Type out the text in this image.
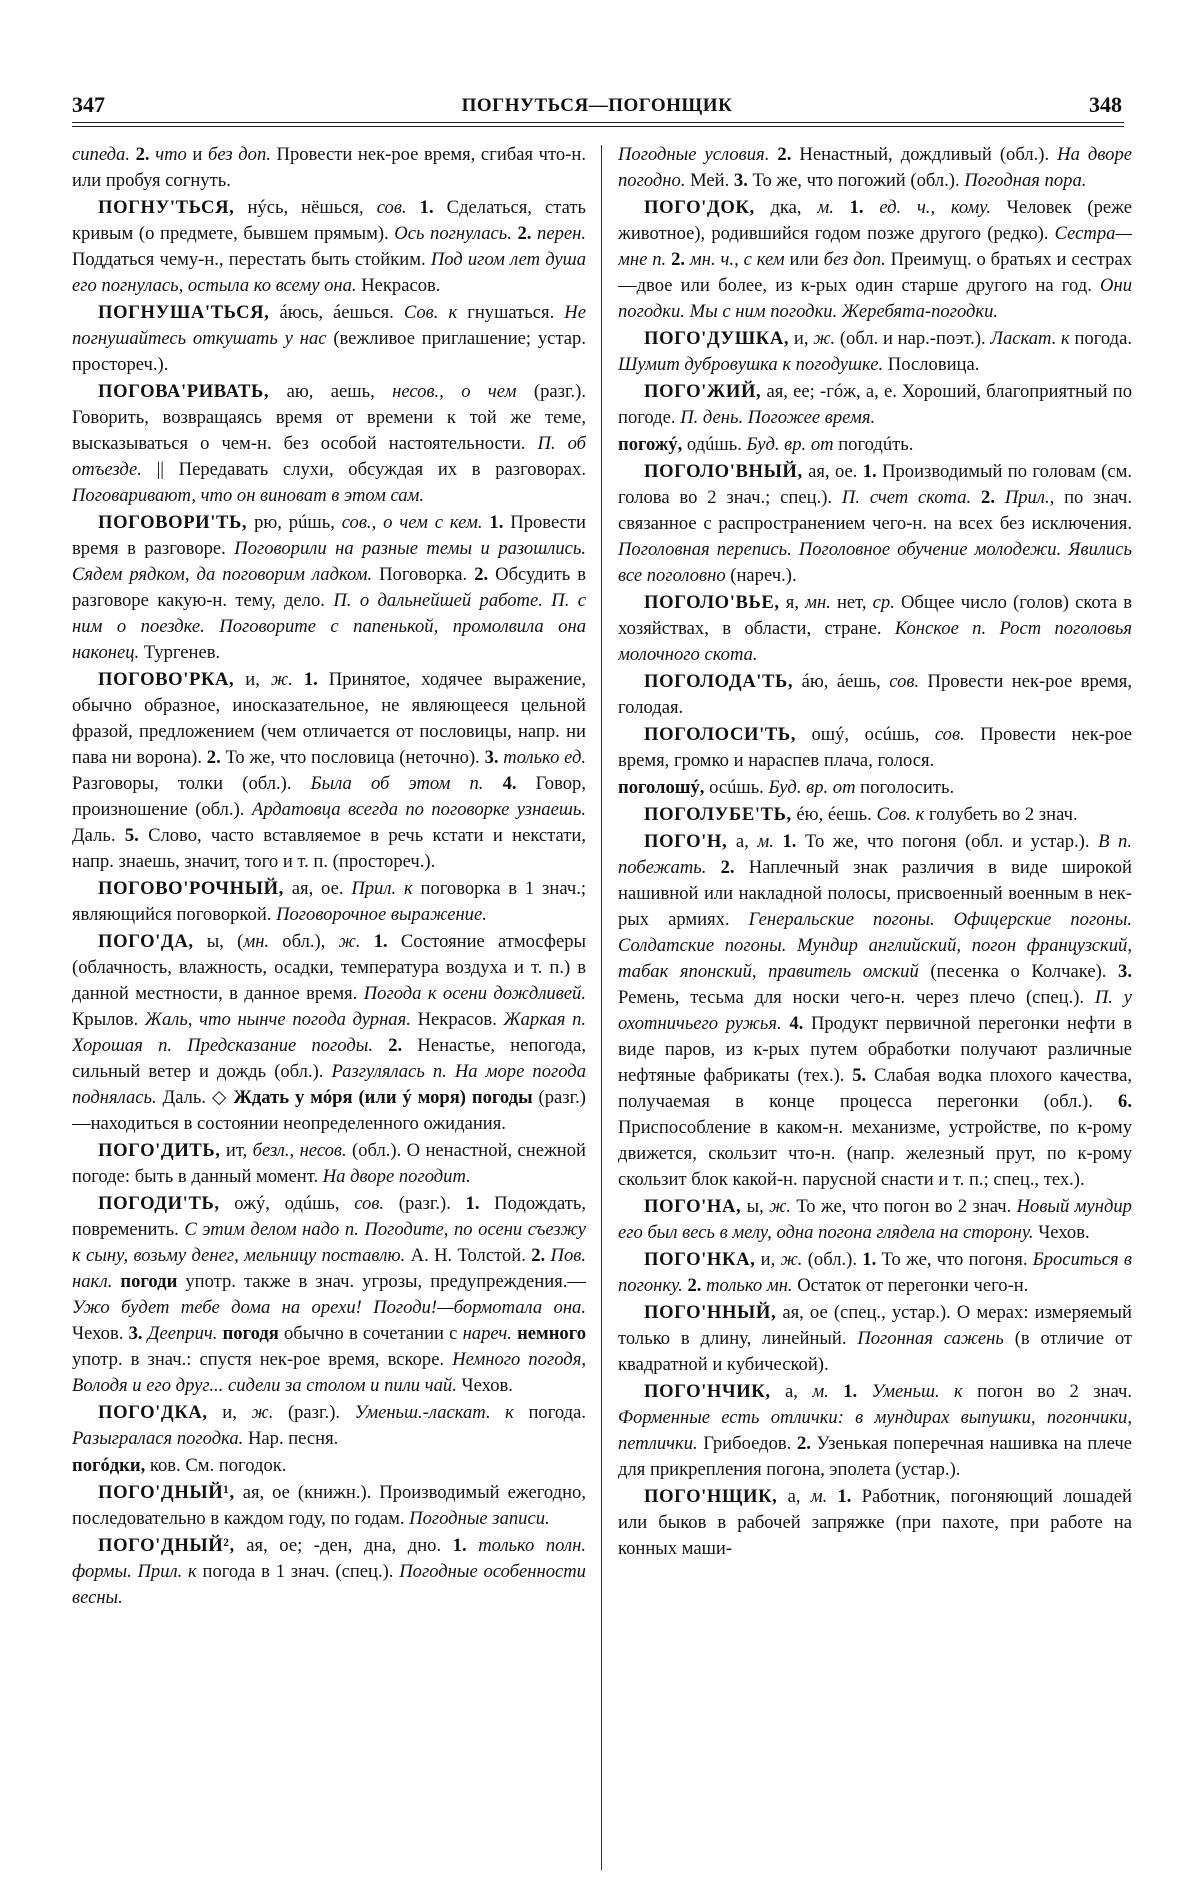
347	ПОГНУТЬСЯ—ПОГОНЩИК	348

сипеда. 2. что и без доп. Провести нек-рое время, сгибая что-н. или пробуя согнуть.

ПОГНУ'ТЬСЯ, нýсь, нёшься, сов. 1. Сделаться, стать кривым (о предмете, бывшем прямым). Ось погнулась. 2. перен. Поддаться чему-н., перестать быть стойким. Под игом лет душа его погнулась, остыла ко всему она. Некрасов.

ПОГНУША'ТЬСЯ, áюсь, áешься. Сов. к гнушаться. Не погнушайтесь откушать у нас (вежливое приглашение; устар. простореч.).

ПОГОВА'РИВАТЬ, аю, аешь, несов., о чем (разг.). Говорить, возвращаясь время от времени к той же теме, высказываться о чем-н. без особой настоятельности. П. об отъезде. || Передавать слухи, обсуждая их в разговорах. Поговаривают, что он виноват в этом сам.

ПОГОВОРИ'ТЬ, рю, рúшь, сов., о чем с кем. 1. Провести время в разговоре. Поговорили на разные темы и разошлись. Сядем рядком, да поговорим ладком. Поговорка. 2. Обсудить в разговоре какую-н. тему, дело. П. о дальнейшей работе. П. с ним о поездке. Поговорите с папенькой, промолвила она наконец. Тургенев.

ПОГОВО'РКА, и, ж. 1. Принятое, ходячее выражение, обычно образное, иносказательное, не являющееся цельной фразой, предложением (чем отличается от пословицы, напр. ни пава ни ворона). 2. То же, что пословица (неточно). 3. только ед. Разговоры, толки (обл.). Была об этом п. 4. Говор, произношение (обл.). Ардатовца всегда по поговорке узнаешь. Даль. 5. Слово, часто вставляемое в речь кстати и некстати, напр. знаешь, значит, того и т. п. (простореч.).

ПОГОВО'РОЧНЫЙ, ая, ое. Прил. к поговорка в 1 знач.; являющийся поговоркой. Поговорочное выражение.

ПОГО'ДА, ы, (мн. обл.), ж. 1. Состояние атмосферы (облачность, влажность, осадки, температура воздуха и т. п.) в данной местности, в данное время. Погода к осени дождливей. Крылов. Жаль, что нынче погода дурная. Некрасов. Жаркая п. Хорошая п. Предсказание погоды. 2. Ненастье, непогода, сильный ветер и дождь (обл.). Разгулялась п. На море погода поднялась. Даль. ◇ Ждать у мóря (или ý моря) погоды (разг.)—находиться в состоянии неопределенного ожидания.

ПОГО'ДИТЬ, ит, безл., несов. (обл.). О ненастной, снежной погоде: быть в данный момент. На дворе погодит.

ПОГОДИ'ТЬ, ожý, одúшь, сов. (разг.). 1. Подождать, повременить. С этим делом надо п. Погодите, по осени съезжу к сыну, возьму денег, мельницу поставлю. А. Н. Толстой. 2. Пов. накл. погоди употр. также в знач. угрозы, предупреждения.—Ужо будет тебе дома на орехи! Погоди!—бормотала она. Чехов. 3. Дееприч. погодя обычно в сочетании с нареч. немного употр. в знач.: спустя нек-рое время, вскоре. Немного погодя, Володя и его друг... сидели за столом и пили чай. Чехов.

ПОГО'ДКА, и, ж. (разг.). Уменьш.-ласкат. к погода. Разыгралася погодка. Нар. песня.

погóдки, ков. См. погодок.

ПОГО'ДНЫЙ¹, ая, ое (книжн.). Производимый ежегодно, последовательно в каждом году, по годам. Погодные записи.

ПОГО'ДНЫЙ², ая, ое; -ден, дна, дно. 1. только полн. формы. Прил. к погода в 1 знач. (спец.). Погодные особенности весны.

Погодные условия. 2. Ненастный, дождливый (обл.). На дворе погодно. Мей. 3. То же, что погожий (обл.). Погодная пора.

ПОГО'ДОК, дка, м. 1. ед. ч., кому. Человек (реже животное), родившийся годом позже другого (редко). Сестра—мне п. 2. мн. ч., с кем или без доп. Преимущ. о братьях и сестрах—двое или более, из к-рых один старше другого на год. Они погодки. Мы с ним погодки. Жеребята-погодки.

ПОГО'ДУШКА, и, ж. (обл. и нар.-поэт.). Ласкат. к погода. Шумит дубровушка к погодушке. Пословица.

ПОГО'ЖИЙ, ая, ее; -гóж, а, е. Хороший, благоприятный по погоде. П. день. Погожее время.

погожý, одúшь. Буд. вр. от погодúть.

ПОГОЛО'ВНЫЙ, ая, ое. 1. Производимый по головам (см. голова во 2 знач.; спец.). П. счет скота. 2. Прил., по знач. связанное с распространением чего-н. на всех без исключения. Поголовная перепись. Поголовное обучение молодежи. Явились все поголовно (нареч.).

ПОГОЛО'ВЬЕ, я, мн. нет, ср. Общее число (голов) скота в хозяйствах, в области, стране. Конское п. Рост поголовья молочного скота.

ПОГОЛОДА'ТЬ, áю, áешь, сов. Провести нек-рое время, голодая.

ПОГОЛОСИ'ТЬ, ошý, осúшь, сов. Провести нек-рое время, громко и нараспев плача, голося.

поголошý, осúшь. Буд. вр. от поголосить.

ПОГОЛУБЕ'ТЬ, éю, éешь. Сов. к голубеть во 2 знач.

ПОГО'Н, а, м. 1. То же, что погоня (обл. и устар.). В п. побежать. 2. Наплечный знак различия в виде широкой нашивной или накладной полосы, присвоенный военным в нек-рых армиях. Генеральские погоны. Офицерские погоны. Солдатские погоны. Мундир английский, погон французский, табак японский, правитель омский (песенка о Колчаке). 3. Ремень, тесьма для носки чего-н. через плечо (спец.). П. у охотничьего ружья. 4. Продукт первичной перегонки нефти в виде паров, из к-рых путем обработки получают различные нефтяные фабрикаты (тех.). 5. Слабая водка плохого качества, получаемая в конце процесса перегонки (обл.). 6. Приспособление в каком-н. механизме, устройстве, по к-рому движется, скользит что-н. (напр. железный прут, по к-рому скользит блок какой-н. парусной снасти и т. п.; спец., тех.).

ПОГО'НА, ы, ж. То же, что погон во 2 знач. Новый мундир его был весь в мелу, одна погона глядела на сторону. Чехов.

ПОГО'НКА, и, ж. (обл.). 1. То же, что погоня. Броситься в погонку. 2. только мн. Остаток от перегонки чего-н.

ПОГО'ННЫЙ, ая, ое (спец., устар.). О мерах: измеряемый только в длину, линейный. Погонная сажень (в отличие от квадратной и кубической).

ПОГО'НЧИК, а, м. 1. Уменьш. к погон во 2 знач. Форменные есть отлички: в мундирах выпушки, погончики, петлички. Грибоедов. 2. Узенькая поперечная нашивка на плече для прикрепления погона, эполета (устар.).

ПОГО'НЩИК, а, м. 1. Работник, погоняющий лошадей или быков в рабочей запряжке (при пахоте, при работе на конных маши-
